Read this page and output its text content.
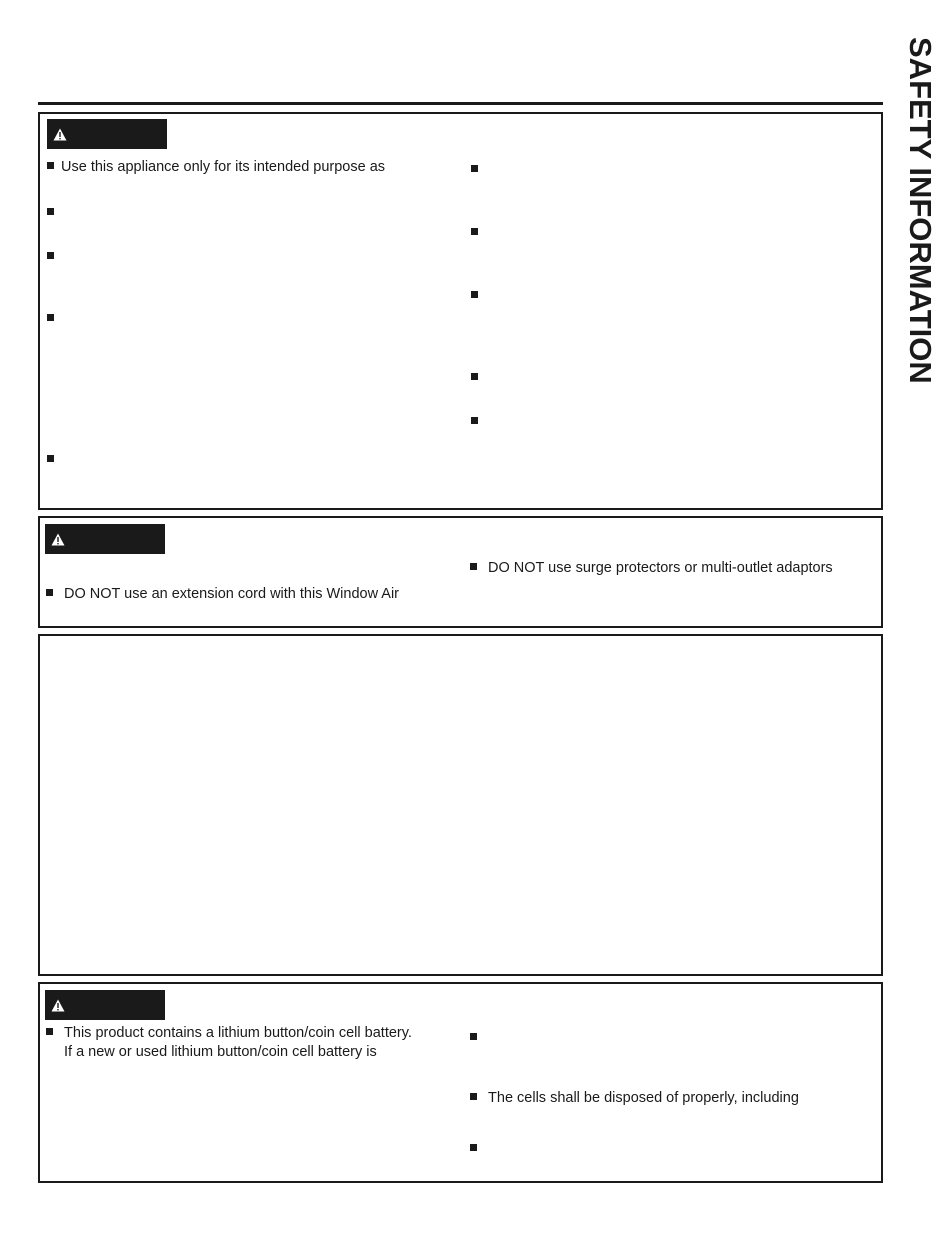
SAFETY INFORMATION
Use this appliance only for its intended purpose as
DO NOT use an extension cord with this Window Air
DO NOT use surge protectors or multi-outlet adaptors
This product contains a lithium button/coin cell battery.
If a new or used lithium button/coin cell battery is
The cells shall be disposed of properly, including
